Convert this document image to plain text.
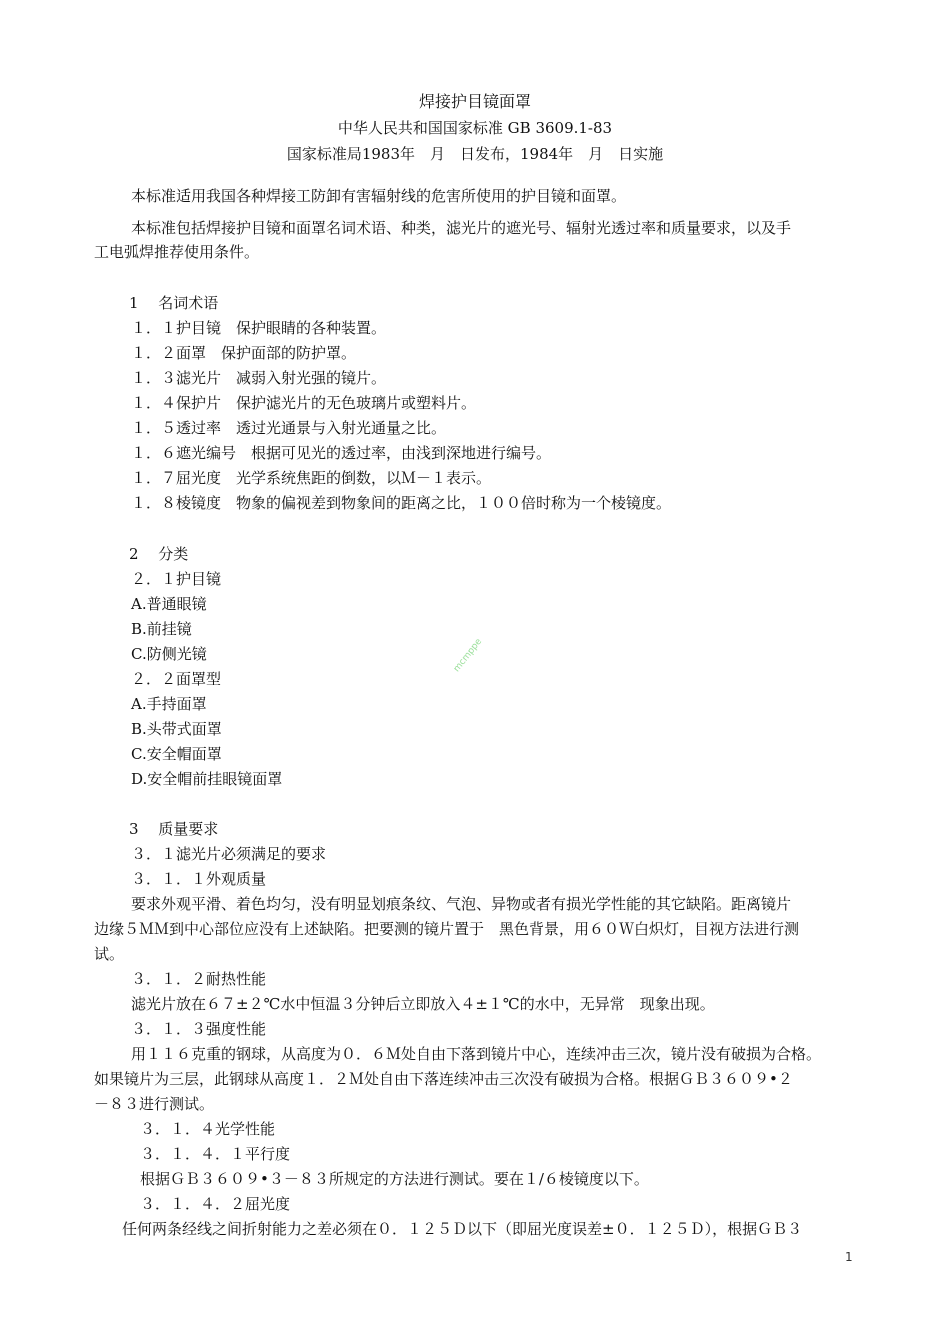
焊接护目镜面罩
中华人民共和国国家标准 GB 3609.1-83
国家标准局1983年　月　日发布，1984年　月　日实施
本标准适用我国各种焊接工防卸有害辐射线的危害所使用的护目镜和面罩。
本标准包括焊接护目镜和面罩名词术语、种类，滤光片的遮光号、辐射光透过率和质量要求，以及手
工电弧焊推荐使用条件。
1　 名词术语
１．１护目镜　保护眼睛的各种装置。
１．２面罩　保护面部的防护罩。
１．３滤光片　减弱入射光强的镜片。
１．４保护片　保护滤光片的无色玻璃片或塑料片。
１．５透过率　透过光通景与入射光通量之比。
１．６遮光编号　根据可见光的透过率，由浅到深地进行编号。
１．７屈光度　光学系统焦距的倒数，以Ｍ－１表示。
１．８棱镜度　物象的偏视差到物象间的距离之比，１００倍时称为一个棱镜度。
2　 分类
２．１护目镜
A.普通眼镜
B.前挂镜
C.防侧光镜
２．２面罩型
A.手持面罩
B.头带式面罩
C.安全帽面罩
D.安全帽前挂眼镜面罩
3　 质量要求
３．１滤光片必须满足的要求
３．１．１外观质量
要求外观平滑、着色均匀，没有明显划痕条纹、气泡、异物或者有损光学性能的其它缺陷。距离镜片
边缘５ＭＭ到中心部位应没有上述缺陷。把要测的镜片置于　黑色背景，用６０Ｗ白炽灯，目视方法进行测
试。
３．１．２耐热性能
滤光片放在６７±２℃水中恒温３分钟后立即放入４±１℃的水中，无异常　现象出现。
３．１．３强度性能
用１１６克重的钢球，从高度为０．６Ｍ处自由下落到镜片中心，连续冲击三次，镜片没有破损为合格。
如果镜片为三层，此钢球从高度１．２Ｍ处自由下落连续冲击三次没有破损为合格。根据ＧＢ３６０９•２
－８３进行测试。
３．１．４光学性能
３．１．４．１平行度
根据ＧＢ３６０９•３－８３所规定的方法进行测试。要在１/６棱镜度以下。
３．１．４．２屈光度
任何两条经线之间折射能力之差必须在０．１２５Ｄ以下（即屈光度误差±０．１２５Ｄ），根据ＧＢ３
mcmppe
1
